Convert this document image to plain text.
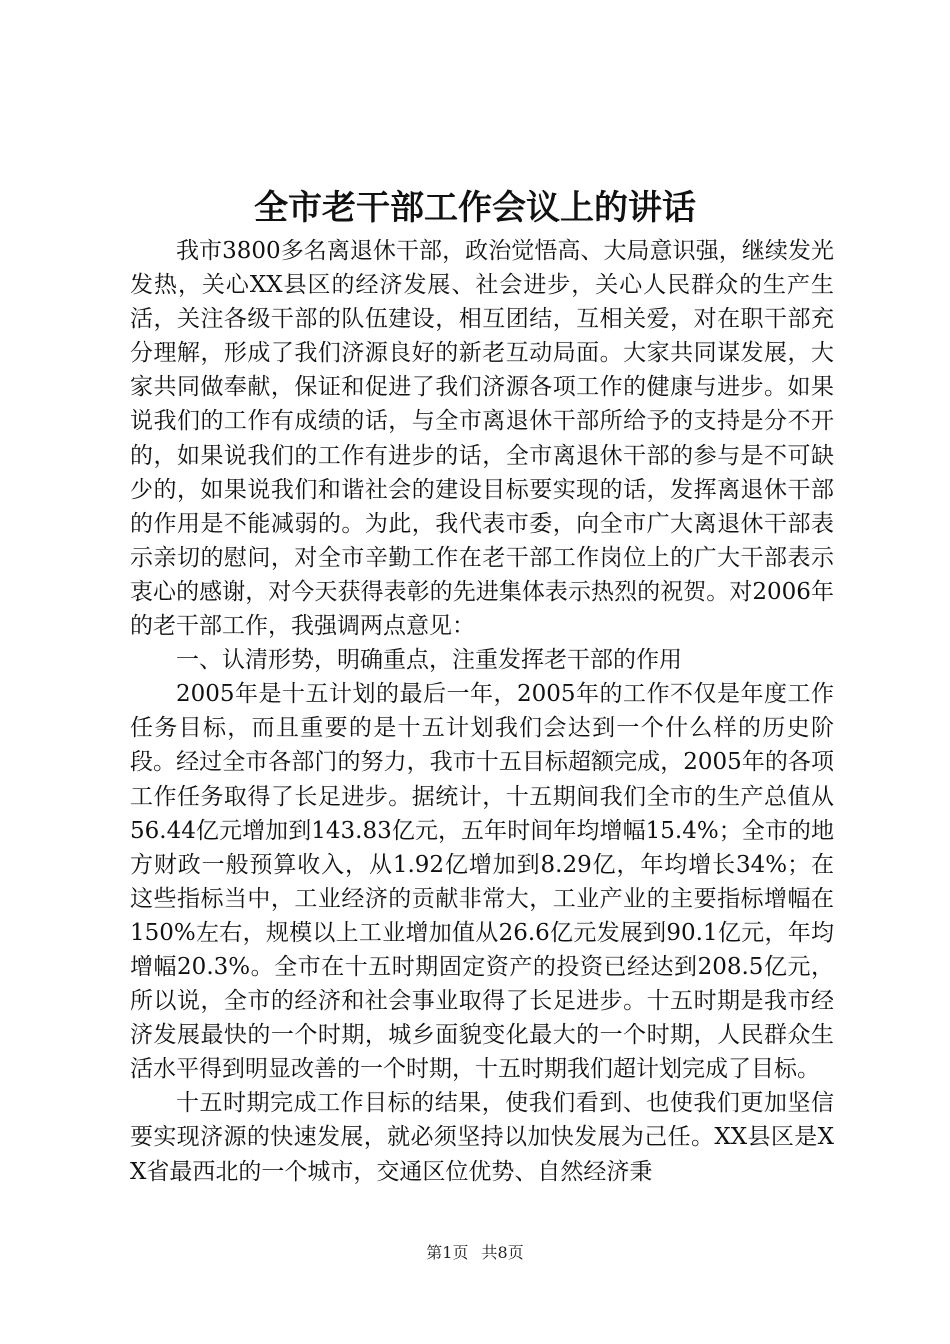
全市老干部工作会议上的讲话

我市3800多名离退休干部，政治觉悟高、大局意识强，继续发光发热，关心XX县区的经济发展、社会进步，关心人民群众的生产生活，关注各级干部的队伍建设，相互团结，互相关爱，对在职干部充分理解，形成了我们济源良好的新老互动局面。大家共同谋发展，大家共同做奉献，保证和促进了我们济源各项工作的健康与进步。如果说我们的工作有成绩的话，与全市离退休干部所给予的支持是分不开的，如果说我们的工作有进步的话，全市离退休干部的参与是不可缺少的，如果说我们和谐社会的建设目标要实现的话，发挥离退休干部的作用是不能减弱的。为此，我代表市委，向全市广大离退休干部表示亲切的慰问，对全市辛勤工作在老干部工作岗位上的广大干部表示衷心的感谢，对今天获得表彰的先进集体表示热烈的祝贺。对2006年的老干部工作，我强调两点意见：

一、认清形势，明确重点，注重发挥老干部的作用

2005年是十五计划的最后一年，2005年的工作不仅是年度工作任务目标，而且重要的是十五计划我们会达到一个什么样的历史阶段。经过全市各部门的努力，我市十五目标超额完成，2005年的各项工作任务取得了长足进步。据统计，十五期间我们全市的生产总值从56.44亿元增加到143.83亿元，五年时间年均增幅15.4%；全市的地方财政一般预算收入，从1.92亿增加到8.29亿，年均增长34%；在这些指标当中，工业经济的贡献非常大，工业产业的主要指标增幅在150%左右，规模以上工业增加值从26.6亿元发展到90.1亿元，年均增幅20.3%。全市在十五时期固定资产的投资已经达到208.5亿元，所以说，全市的经济和社会事业取得了长足进步。十五时期是我市经济发展最快的一个时期，城乡面貌变化最大的一个时期，人民群众生活水平得到明显改善的一个时期，十五时期我们超计划完成了目标。

十五时期完成工作目标的结果，使我们看到、也使我们更加坚信要实现济源的快速发展，就必须坚持以加快发展为己任。XX县区是XX省最西北的一个城市，交通区位优势、自然经济秉

第1页 共8页
